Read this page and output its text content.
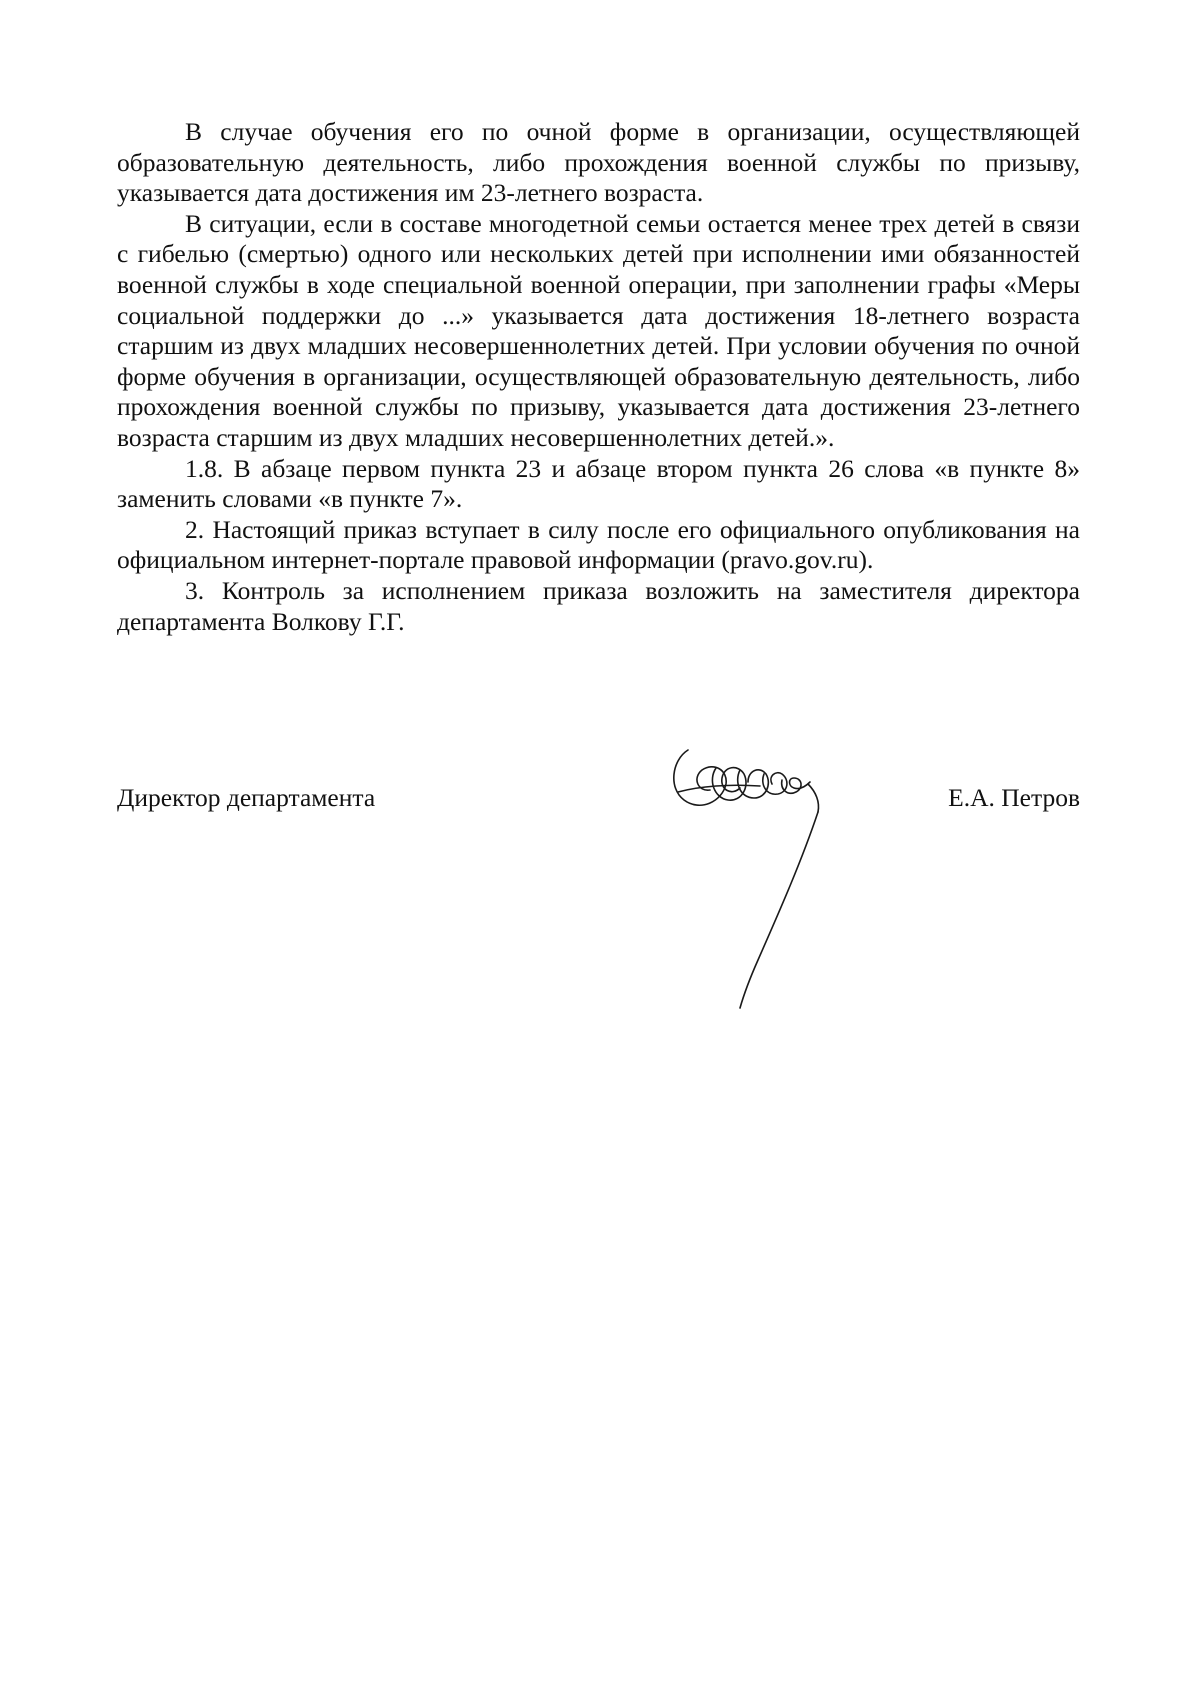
В случае обучения его по очной форме в организации, осуществляющей образовательную деятельность, либо прохождения военной службы по призыву, указывается дата достижения им 23-летнего возраста.

В ситуации, если в составе многодетной семьи остается менее трех детей в связи с гибелью (смертью) одного или нескольких детей при исполнении ими обязанностей военной службы в ходе специальной военной операции, при заполнении графы «Меры социальной поддержки до ...» указывается дата достижения 18-летнего возраста старшим из двух младших несовершеннолетних детей. При условии обучения по очной форме обучения в организации, осуществляющей образовательную деятельность, либо прохождения военной службы по призыву, указывается дата достижения 23-летнего возраста старшим из двух младших несовершеннолетних детей.».

1.8. В абзаце первом пункта 23 и абзаце втором пункта 26 слова «в пункте 8» заменить словами «в пункте 7».

2. Настоящий приказ вступает в силу после его официального опубликования на официальном интернет-портале правовой информации (pravo.gov.ru).

3. Контроль за исполнением приказа возложить на заместителя директора департамента Волкову Г.Г.

Директор департамента	Е.А. Петров
